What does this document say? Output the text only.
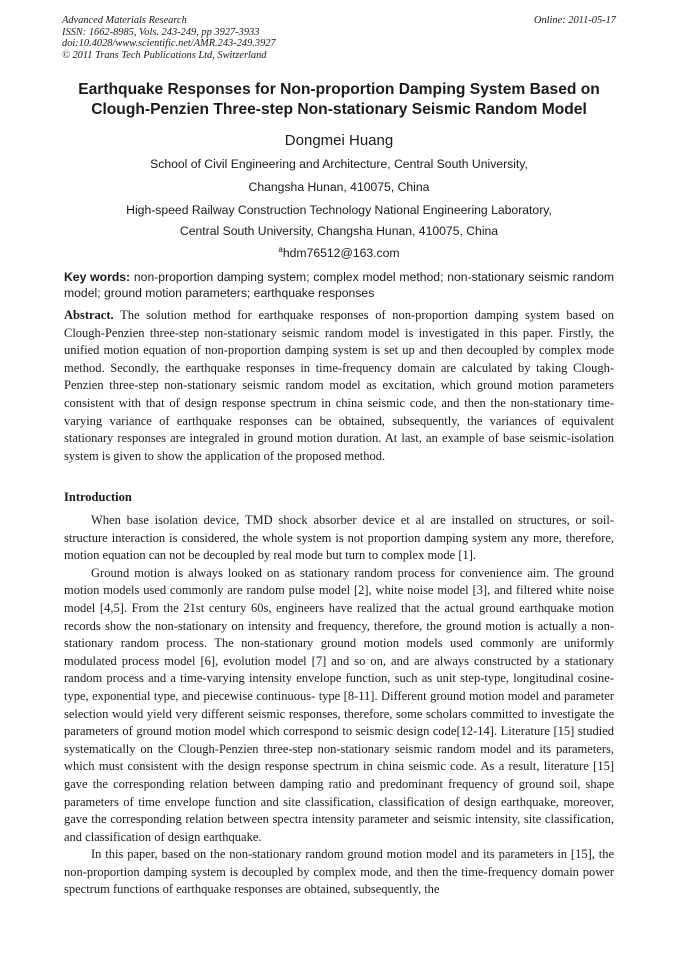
Advanced Materials Research
ISSN: 1662-8985, Vols. 243-249, pp 3927-3933
doi:10.4028/www.scientific.net/AMR.243-249.3927
© 2011 Trans Tech Publications Ltd, Switzerland
Online: 2011-05-17
Earthquake Responses for Non-proportion Damping System Based on
Clough-Penzien Three-step Non-stationary Seismic Random Model
Dongmei Huang
School of Civil Engineering and Architecture, Central South University,
Changsha Hunan, 410075, China
High-speed Railway Construction Technology National Engineering Laboratory,
Central South University, Changsha Hunan, 410075, China
$^a$hdm76512@163.com
Key words: non-proportion damping system; complex model method; non-stationary seismic random model; ground motion parameters; earthquake responses

Abstract. The solution method for earthquake responses of non-proportion damping system based on Clough-Penzien three-step non-stationary seismic random model is investigated in this paper. Firstly, the unified motion equation of non-proportion damping system is set up and then decoupled by complex mode method. Secondly, the earthquake responses in time-frequency domain are calculated by taking Clough-Penzien three-step non-stationary seismic random model as excitation, which ground motion parameters consistent with that of design response spectrum in china seismic code, and then the non-stationary time-varying variance of earthquake responses can be obtained, subsequently, the variances of equivalent stationary responses are integraled in ground motion duration. At last, an example of base seismic-isolation system is given to show the application of the proposed method.

Introduction

When base isolation device, TMD shock absorber device et al are installed on structures, or soil-structure interaction is considered, the whole system is not proportion damping system any more, therefore, motion equation can not be decoupled by real mode but turn to complex mode [1].

Ground motion is always looked on as stationary random process for convenience aim. The ground motion models used commonly are random pulse model [2], white noise model [3], and filtered white noise model [4,5]. From the 21st century 60s, engineers have realized that the actual ground earthquake motion records show the non-stationary on intensity and frequency, therefore, the ground motion is actually a non-stationary random process. The non-stationary ground motion models used commonly are uniformly modulated process model [6], evolution model [7] and so on, and are always constructed by a stationary random process and a time-varying intensity envelope function, such as unit step-type, longitudinal cosine-type, exponential type, and piecewise continuous- type [8-11]. Different ground motion model and parameter selection would yield very different seismic responses, therefore, some scholars committed to investigate the parameters of ground motion model which correspond to seismic design code[12-14]. Literature [15] studied systematically on the Clough-Penzien three-step non-stationary seismic random model and its parameters, which must consistent with the design response spectrum in china seismic code. As a result, literature [15] gave the corresponding relation between damping ratio and predominant frequency of ground soil, shape parameters of time envelope function and site classification, classification of design earthquake, moreover, gave the corresponding relation between spectra intensity parameter and seismic intensity, site classification, and classification of design earthquake.

In this paper, based on the non-stationary random ground motion model and its parameters in [15], the non-proportion damping system is decoupled by complex mode, and then the time-frequency domain power spectrum functions of earthquake responses are obtained, subsequently, the
